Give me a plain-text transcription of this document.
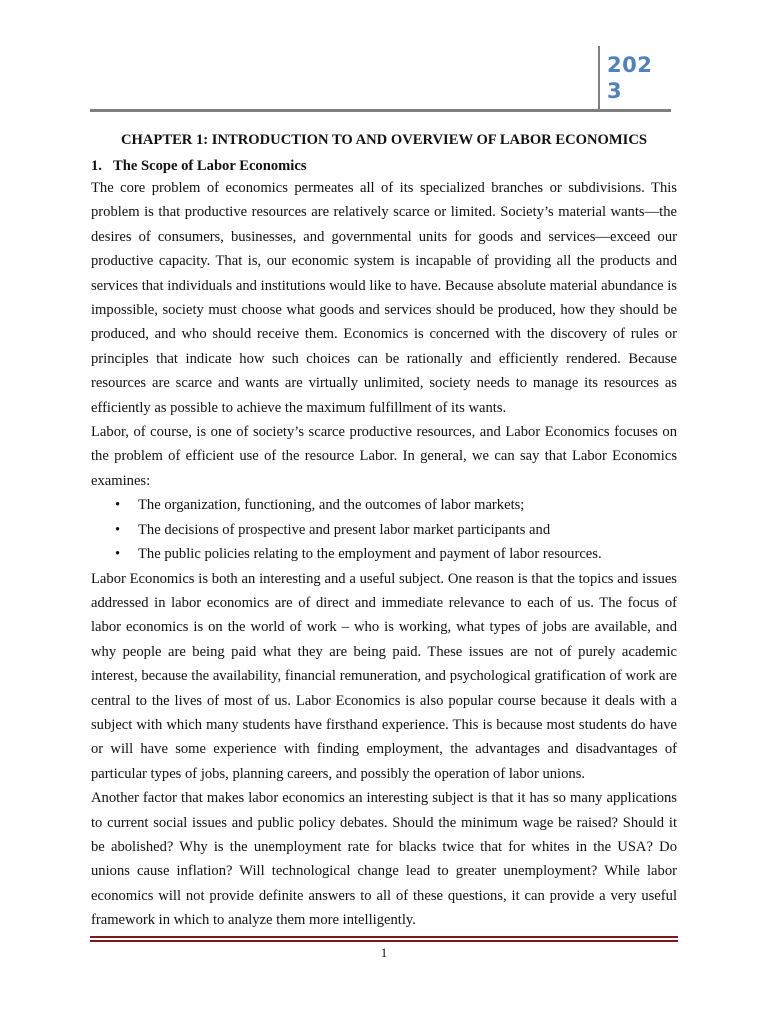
2023
CHAPTER 1: INTRODUCTION TO AND OVERVIEW OF LABOR ECONOMICS
1. The Scope of Labor Economics

The core problem of economics permeates all of its specialized branches or subdivisions. This problem is that productive resources are relatively scarce or limited. Society’s material wants—the desires of consumers, businesses, and governmental units for goods and services—exceed our productive capacity. That is, our economic system is incapable of providing all the products and services that individuals and institutions would like to have. Because absolute material abundance is impossible, society must choose what goods and services should be produced, how they should be produced, and who should receive them. Economics is concerned with the discovery of rules or principles that indicate how such choices can be rationally and efficiently rendered. Because resources are scarce and wants are virtually unlimited, society needs to manage its resources as efficiently as possible to achieve the maximum fulfillment of its wants.

Labor, of course, is one of society’s scarce productive resources, and Labor Economics focuses on the problem of efficient use of the resource Labor. In general, we can say that Labor Economics examines:

• The organization, functioning, and the outcomes of labor markets;
• The decisions of prospective and present labor market participants and
• The public policies relating to the employment and payment of labor resources.

Labor Economics is both an interesting and a useful subject. One reason is that the topics and issues addressed in labor economics are of direct and immediate relevance to each of us. The focus of labor economics is on the world of work – who is working, what types of jobs are available, and why people are being paid what they are being paid. These issues are not of purely academic interest, because the availability, financial remuneration, and psychological gratification of work are central to the lives of most of us. Labor Economics is also popular course because it deals with a subject with which many students have firsthand experience. This is because most students do have or will have some experience with finding employment, the advantages and disadvantages of particular types of jobs, planning careers, and possibly the operation of labor unions.

Another factor that makes labor economics an interesting subject is that it has so many applications to current social issues and public policy debates. Should the minimum wage be raised? Should it be abolished? Why is the unemployment rate for blacks twice that for whites in the USA? Do unions cause inflation? Will technological change lead to greater unemployment? While labor economics will not provide definite answers to all of these questions, it can provide a very useful framework in which to analyze them more intelligently.

1
